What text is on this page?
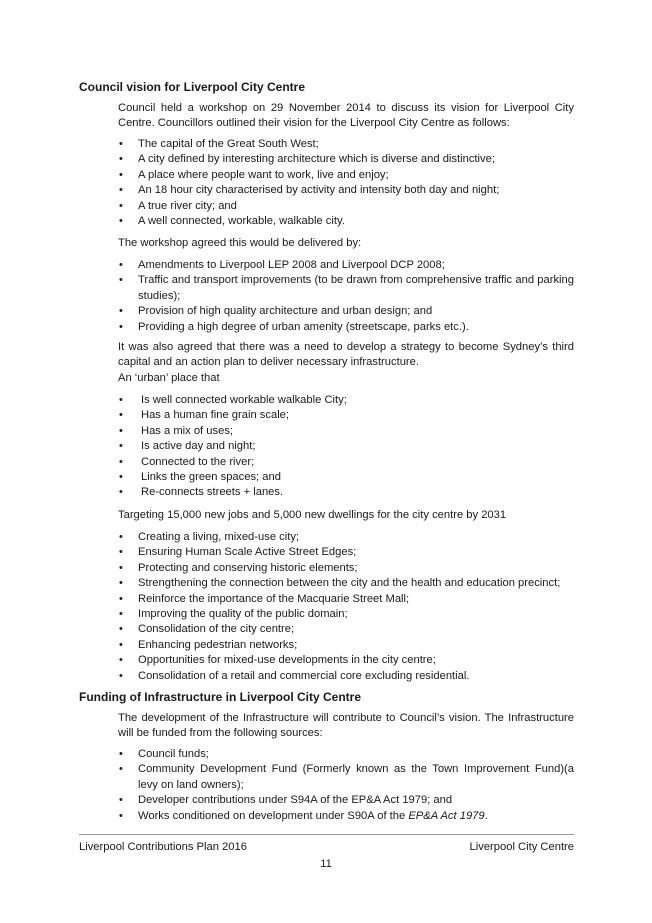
Council vision for Liverpool City Centre

Council held a workshop on 29 November 2014 to discuss its vision for Liverpool City Centre. Councillors outlined their vision for the Liverpool City Centre as follows:

• The capital of the Great South West;
• A city defined by interesting architecture which is diverse and distinctive;
• A place where people want to work, live and enjoy;
• An 18 hour city characterised by activity and intensity both day and night;
• A true river city; and
• A well connected, workable, walkable city.

The workshop agreed this would be delivered by:

• Amendments to Liverpool LEP 2008 and Liverpool DCP 2008;
• Traffic and transport improvements (to be drawn from comprehensive traffic and parking studies);
• Provision of high quality architecture and urban design; and
• Providing a high degree of urban amenity (streetscape, parks etc.).

It was also agreed that there was a need to develop a strategy to become Sydney’s third capital and an action plan to deliver necessary infrastructure.

An ‘urban’ place that

• Is well connected workable walkable City;
• Has a human fine grain scale;
• Has a mix of uses;
• Is active day and night;
• Connected to the river;
• Links the green spaces; and
• Re-connects streets + lanes.

Targeting 15,000 new jobs and 5,000 new dwellings for the city centre by 2031

• Creating a living, mixed-use city;
• Ensuring Human Scale Active Street Edges;
• Protecting and conserving historic elements;
• Strengthening the connection between the city and the health and education precinct;
• Reinforce the importance of the Macquarie Street Mall;
• Improving the quality of the public domain;
• Consolidation of the city centre;
• Enhancing pedestrian networks;
• Opportunities for mixed-use developments in the city centre;
• Consolidation of a retail and commercial core excluding residential.
Funding of Infrastructure in Liverpool City Centre

The development of the Infrastructure will contribute to Council’s vision. The Infrastructure will be funded from the following sources:

• Council funds;
• Community Development Fund (Formerly known as the Town Improvement Fund)(a levy on land owners);
• Developer contributions under S94A of the EP&A Act 1979; and
• Works conditioned on development under S90A of the EP&A Act 1979.
Liverpool Contributions Plan 2016	Liverpool City Centre
11
